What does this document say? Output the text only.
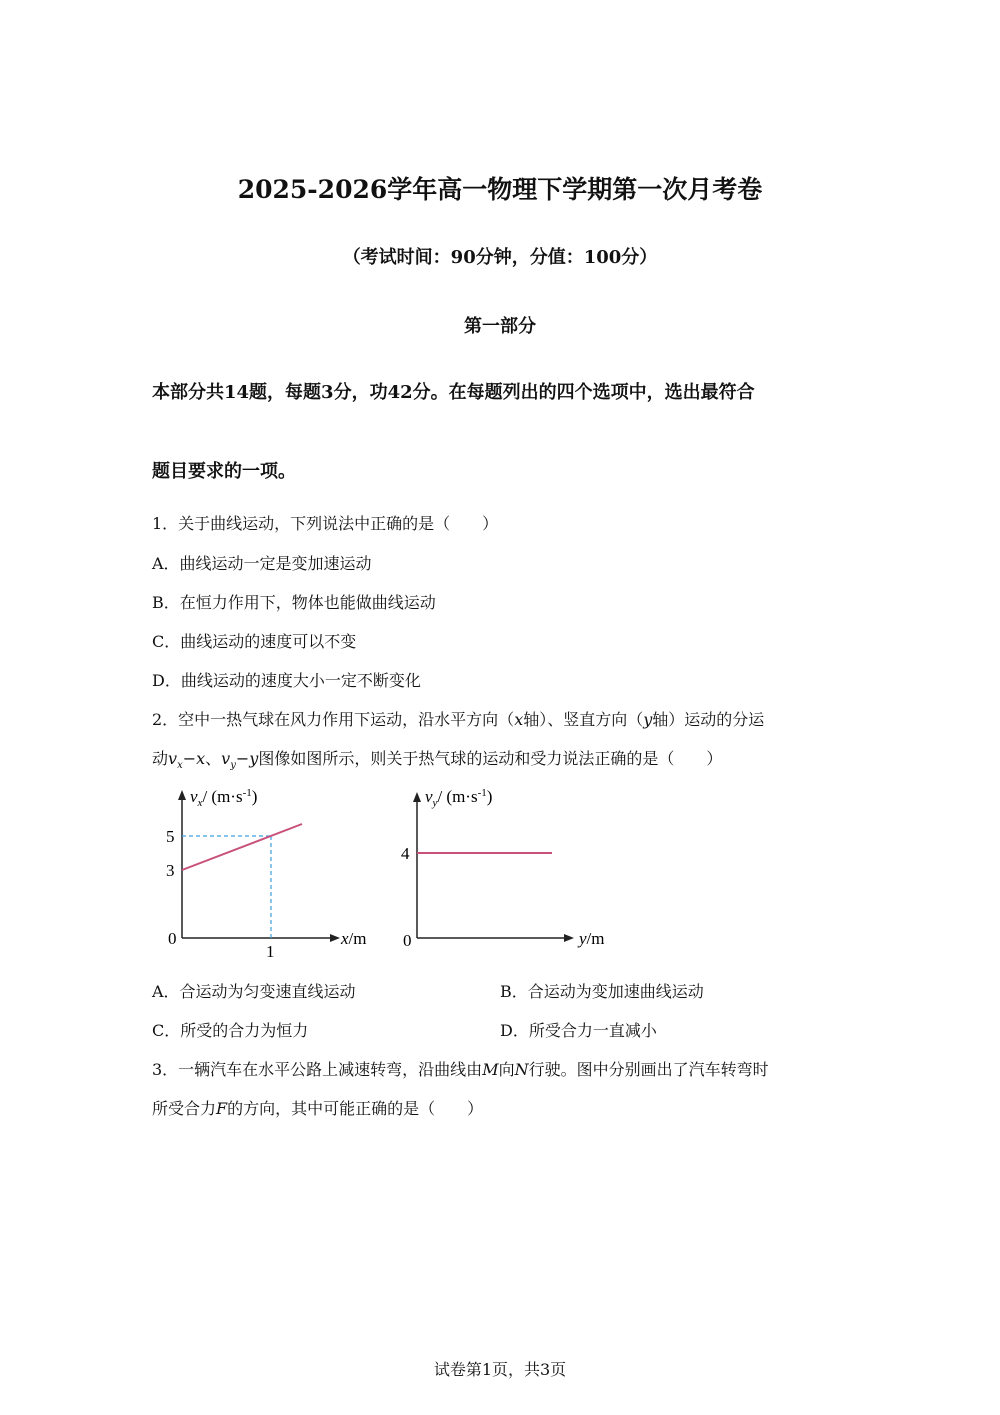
2025-2026学年高一物理下学期第一次月考卷
（考试时间：90分钟，分值：100分）
第一部分
本部分共14题，每题3分，功42分。在每题列出的四个选项中，选出最符合
题目要求的一项。
1．关于曲线运动，下列说法中正确的是（　　）
A．曲线运动一定是变加速运动
B．在恒力作用下，物体也能做曲线运动
C．曲线运动的速度可以不变
D．曲线运动的速度大小一定不断变化
2．空中一热气球在风力作用下运动，沿水平方向（x轴）、竖直方向（y轴）运动的分运
动$v_x-x$、$v_y-y$图像如图所示，则关于热气球的运动和受力说法正确的是（　　）
$v_x/$ $(m\cdot s^{-1})$
5
3
0
1
x/m
$v_y/$ $(m\cdot s^{-1})$
4
0	y/m
A．合运动为匀变速直线运动	B．合运动为变加速曲线运动
C．所受的合力为恒力	D．所受合力一直减小
3．一辆汽车在水平公路上减速转弯，沿曲线由M向N行驶。图中分别画出了汽车转弯时
所受合力F的方向，其中可能正确的是（　　）
试卷第1页，共3页
